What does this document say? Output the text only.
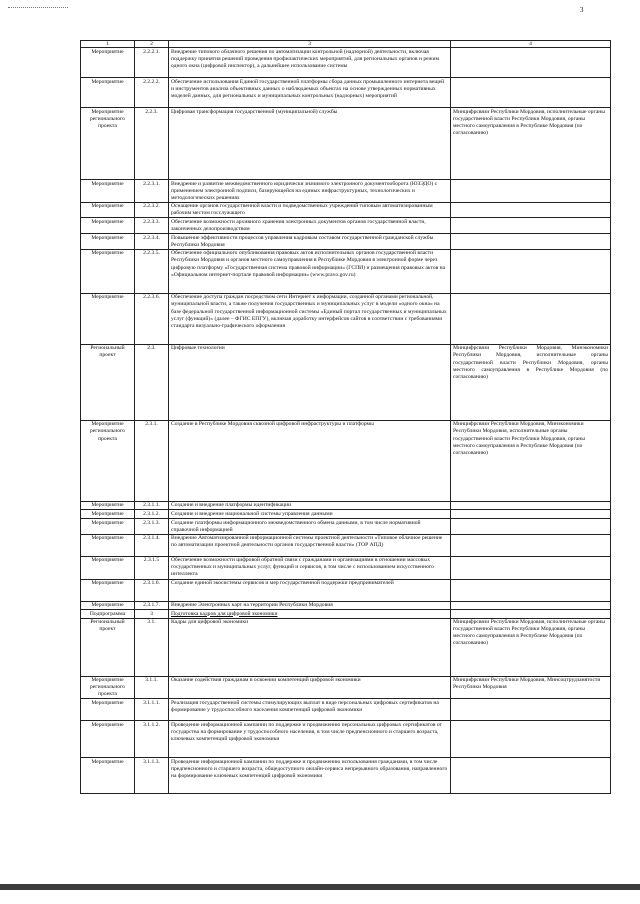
3
1	2	3	4
Мероприятие	2.2.2.1.	Внедрение типового облачного решения по автоматизации контрольной (надзорной) деятельности, включая поддержку принятия решений проведения профилактических мероприятий, для региональных органов и режим одного окна (цифровой инспектор), а дальнейшее использование системы	
Мероприятие	2.2.2.2.	Обеспечение использования Единой государственной платформы сбора данных промышленного интернета вещей и инструментов анализа объективных данных о наблюдаемых объектах на основе утвержденных нормативных моделей данных, для региональных и муниципальных контрольных (надзорных) мероприятий	
Мероприятие регионального проекта	2.2.3.	Цифровая трансформация государственной (муниципальной) службы	Минцифрсвязи Республики Мордовия, исполнительные органы государственной власти Республики Мордовия, органы местного самоуправления в Республике Мордовия (по согласованию)
Мероприятие	2.2.3.1.	Внедрение и развитие межведомственного юридически значимого электронного документооборота (ЮЗЭДО) с применением электронной подписи, базирующейся на единых инфраструктурных, технологических и методологических решениях	
Мероприятие	2.2.3.2.	Оснащение органов государственной власти и подведомственных учреждений типовым автоматизированным рабочим местом госслужащего	
Мероприятие	2.2.3.3.	Обеспечение возможности архивного хранения электронных документов органов государственной власти, законченных делопроизводством	
Мероприятие	2.2.3.4.	Повышение эффективности процессов управления кадровым составом государственной гражданской службы Республики Мордовия	
Мероприятие	2.2.3.5.	Обеспечение официального опубликования правовых актов исполнительных органов государственной власти Республики Мордовия и органов местного самоуправления в Республике Мордовия в электронной форме через цифровую платформу «Государственная система правовой информации» (ГСПИ) и размещения правовых актов на «Официальном интернет-портале правовой информации» (www.pravo.gov.ru)	
Мероприятие	2.2.3.6.	Обеспечение доступа граждан посредством сети Интернет к информации, созданной органами региональной, муниципальной власти, а также получения государственных и муниципальных услуг в модели «одного окна» на базе федеральной государственной информационной системы «Единый портал государственных и муниципальных услуг (функций)» (далее – ФГИС ЕПГУ), включая доработку интерфейсов сайтов в соответствии с требованиями стандарта визуально-графического оформления	
Региональный проект	2.3.	Цифровые технологии	Минцифрсвязи Республики Мордовия, Минэкономики Республики Мордовия, исполнительные органы государственной власти Республики Мордовия, органы местного самоуправления в Республике Мордовия (по согласованию)
Мероприятие регионального проекта	2.3.1.	Создание в Республике Мордовия сквозной цифровой инфраструктуры и платформы	Минцифрсвязи Республики Мордовия, Минэкономики Республики Мордовия, исполнительные органы государственной власти Республики Мордовия, органы местного самоуправления в Республике Мордовия (по согласованию)
Мероприятие	2.3.1.1.	Создание и внедрение платформы идентификации	
Мероприятие	2.3.1.2.	Создание и внедрение национальной системы управления данными	
Мероприятие	2.3.1.3.	Создание платформы информационного межведомственного обмена данными, в том числе нормативной справочной информацией	
Мероприятие	2.3.1.4.	Внедрение Автоматизированной информационной системы проектной деятельности «Типовое облачное решение по автоматизации проектной деятельности органов государственной власти» (ТОР АПД)	
Мероприятие	2.3.1.5	Обеспечение возможности цифровой обратной связи с гражданами и организациями в отношении массовых государственных и муниципальных услуг, функций и сервисов, в том числе с использованием искусственного интеллекта	
Мероприятие	2.3.1.6.	Создание единой экосистемы сервисов и мер государственной поддержки предпринимателей	
Мероприятие	2.3.1.7.	Внедрение Электронных карт на территории Республики Мордовия	
Подпрограмма	3	Подготовка кадров для цифровой экономики	
Региональный проект	3.1.	Кадры для цифровой экономики	Минцифрсвязи Республики Мордовия, исполнительные органы государственной власти Республики Мордовия, органы местного самоуправления в Республике Мордовия (по согласованию)
Мероприятие регионального проекта	3.1.1.	Оказание содействия гражданам в освоении компетенций цифровой экономики	Минцифрсвязи Республики Мордовия, Минсоцтрудзанятости Республики Мордовия
Мероприятие	3.1.1.1.	Реализация государственной системы стимулирующих выплат в виде персональных цифровых сертификатов на формирование у трудоспособного населения компетенций цифровой экономики	
Мероприятие	3.1.1.2.	Проведение информационной кампании по поддержке и продвижению персональных цифровых сертификатов от государства на формирование у трудоспособного населения, в том числе предпенсионного и старшего возраста, ключевых компетенций цифровой экономики	
Мероприятие	3.1.1.3.	Проведение информационной кампании по поддержке и продвижению использования гражданами, в том числе предпенсионного и старшего возраста, общедоступного онлайн-сервиса непрерывного образования, направленного на формирование ключевых компетенций цифровой экономики	
